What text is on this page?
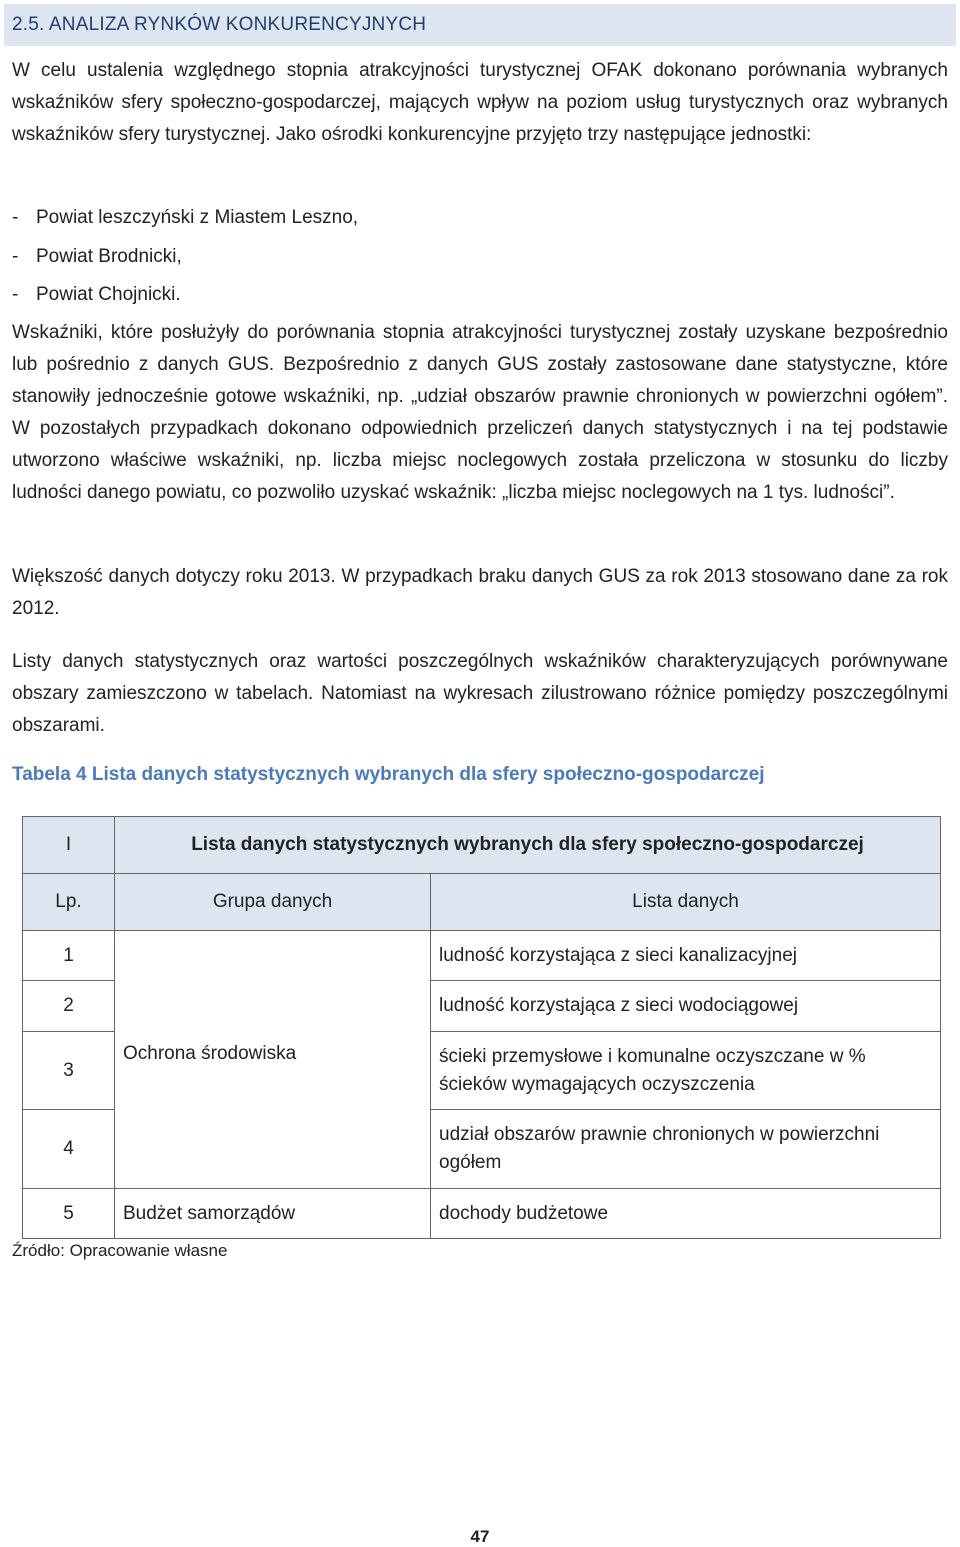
2.5. ANALIZA RYNKÓW KONKURENCYJNYCH

W celu ustalenia względnego stopnia atrakcyjności turystycznej OFAK dokonano porównania wybranych wskaźników sfery społeczno-gospodarczej, mających wpływ na poziom usług turystycznych oraz wybranych wskaźników sfery turystycznej. Jako ośrodki konkurencyjne przyjęto trzy następujące jednostki:

- Powiat leszczyński z Miastem Leszno,
- Powiat Brodnicki,
- Powiat Chojnicki.

Wskaźniki, które posłużyły do porównania stopnia atrakcyjności turystycznej zostały uzyskane bezpośrednio lub pośrednio z danych GUS. Bezpośrednio z danych GUS zostały zastosowane dane statystyczne, które stanowiły jednocześnie gotowe wskaźniki, np. „udział obszarów prawnie chronionych w powierzchni ogółem”. W pozostałych przypadkach dokonano odpowiednich przeliczeń danych statystycznych i na tej podstawie utworzono właściwe wskaźniki, np. liczba miejsc noclegowych została przeliczona w stosunku do liczby ludności danego powiatu, co pozwoliło uzyskać wskaźnik: „liczba miejsc noclegowych na 1 tys. ludności”.

Większość danych dotyczy roku 2013. W przypadkach braku danych GUS za rok 2013 stosowano dane za rok 2012.

Listy danych statystycznych oraz wartości poszczególnych wskaźników charakteryzujących porównywane obszary zamieszczono w tabelach. Natomiast na wykresach zilustrowano różnice pomiędzy poszczególnymi obszarami.

Tabela 4 Lista danych statystycznych wybranych dla sfery społeczno-gospodarczej
I	Lista danych statystycznych wybranych dla sfery społeczno-gospodarczej	
Lp.	Grupa danych	Lista danych
1	Ochrona środowiska	ludność korzystająca z sieci kanalizacyjnej
2		ludność korzystająca z sieci wodociągowej
3		ścieki przemysłowe i komunalne oczyszczane w % ścieków wymagających oczyszczenia
4		udział obszarów prawnie chronionych w powierzchni ogółem
5	Budżet samorządów	dochody budżetowe
Źródło: Opracowanie własne
47
